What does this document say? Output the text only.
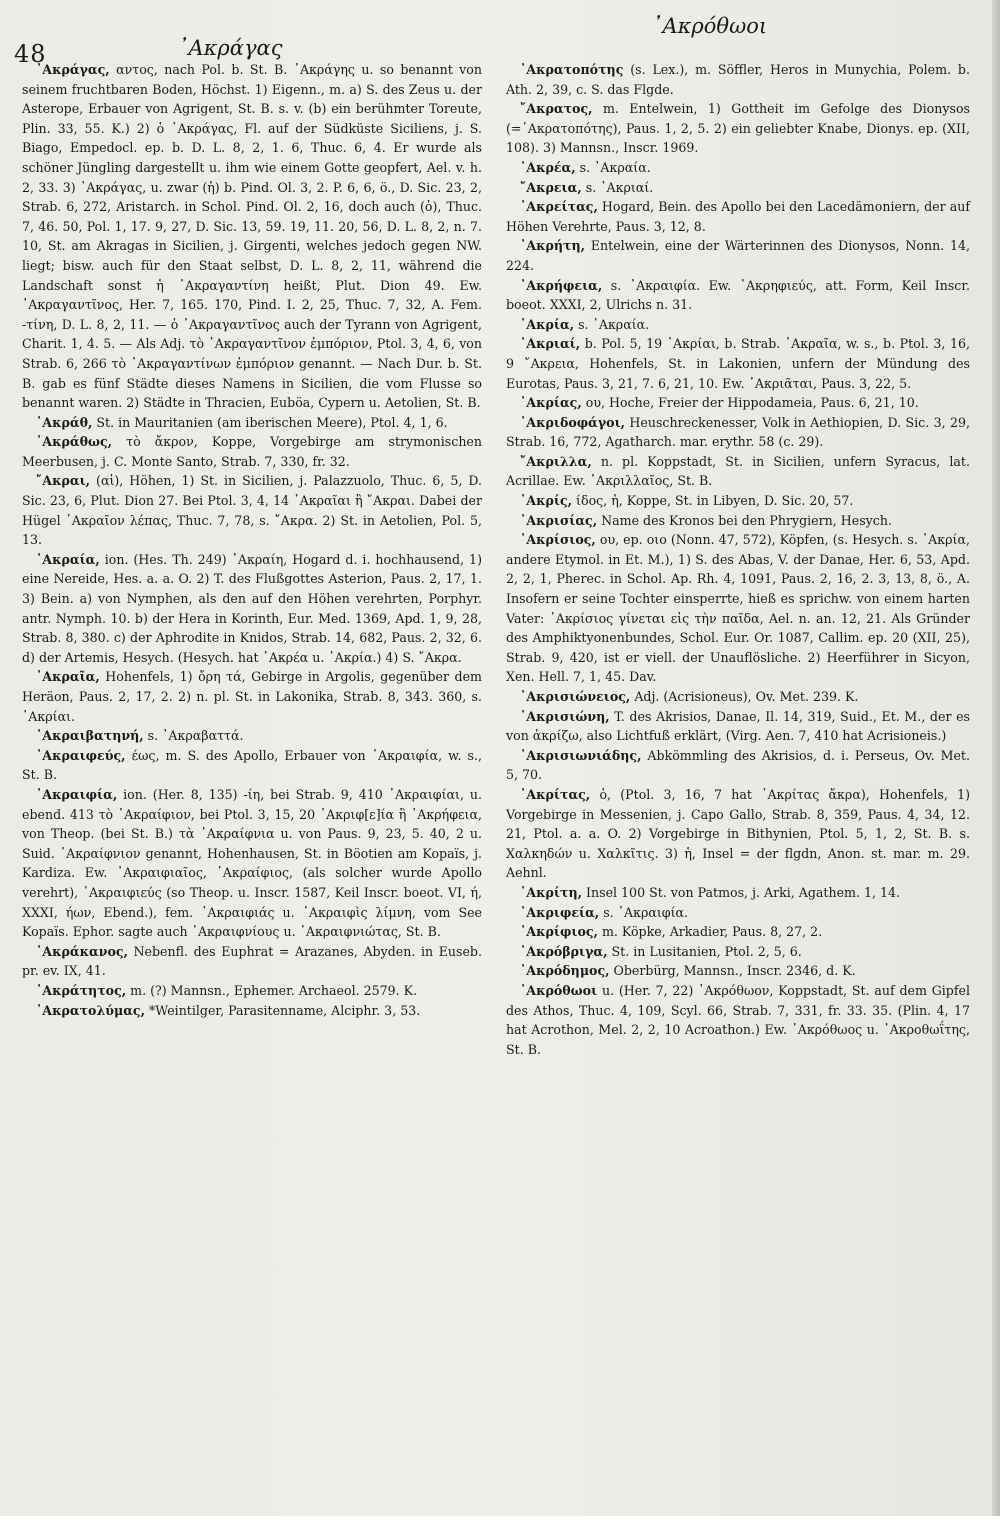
48	᾿Ακράγας
᾿Ακρόθωοι

᾿Ακράγας, αντος, nach Pol. b. St. B. ᾿Ακράγης u. so benannt von seinem fruchtbaren Boden, Höchst. 1) Eigenn., m. a) S. des Zeus u. der Asterope, Erbauer von Agrigent, St. B. s. v. (b) ein berühmter Toreute, Plin. 33, 55. K.) 2) ὁ ᾿Ακράγας, Fl. auf der Südküste Siciliens, j. S. Biago, Empedocl. ep. b. D. L. 8, 2, 1. 6, Thuc. 6, 4. Er wurde als schöner Jüngling dargestellt u. ihm wie einem Gotte geopfert, Ael. v. h. 2, 33. 3) ᾿Ακράγας, u. zwar (ἡ) b. Pind. Ol. 3, 2. P. 6, 6, ö., D. Sic. 23, 2, Strab. 6, 272, Aristarch. in Schol. Pind. Ol. 2, 16, doch auch (ὁ), Thuc. 7, 46. 50, Pol. 1, 17. 9, 27, D. Sic. 13, 59. 19, 11. 20, 56, D. L. 8, 2, n. 7. 10, St. am Akragas in Sicilien, j. Girgenti, welches jedoch gegen NW. liegt; bisw. auch für den Staat selbst, D. L. 8, 2, 11, während die Landschaft sonst ἡ ᾿Ακραγαντίνη heißt, Plut. Dion 49. Ew. ᾿Ακραγαντῖνος, Her. 7, 165. 170, Pind. I. 2, 25, Thuc. 7, 32, A. Fem. -τίνη, D. L. 8, 2, 11. — ὁ ᾿Ακραγαντῖνος auch der Tyrann von Agrigent, Charit. 1, 4. 5. — Als Adj. τὸ ᾿Ακραγαντῖνον ἐμπόριον, Ptol. 3, 4, 6, von Strab. 6, 266 τὸ ᾿Ακραγαντίνων ἐμπόριον genannt. — Nach Dur. b. St. B. gab es fünf Städte dieses Namens in Sicilien, die vom Flusse so benannt waren. 2) Städte in Thracien, Euböa, Cypern u. Aetolien, St. B.

᾿Ακράθ, St. in Mauritanien (am iberischen Meere), Ptol. 4, 1, 6.

᾿Ακράθως, τὸ ἄκρον, Koppe, Vorgebirge am strymonischen Meerbusen, j. C. Monte Santo, Strab. 7, 330, fr. 32.

῎Ακραι, (αἱ), Höhen, 1) St. in Sicilien, j. Palazzuolo, Thuc. 6, 5, D. Sic. 23, 6, Plut. Dion 27. Bei Ptol. 3, 4, 14 ᾿Ακραῖαι ἢ ῎Ακραι. Dabei der Hügel ᾿Ακραῖον λέπας, Thuc. 7, 78, s. ῎Ακρα. 2) St. in Aetolien, Pol. 5, 13.

᾿Ακραία, ion. (Hes. Th. 249) ᾿Ακραίη, Hogard d. i. hochhausend, 1) eine Nereide, Hes. a. a. O. 2) T. des Flußgottes Asterion, Paus. 2, 17, 1. 3) Bein. a) von Nymphen, als den auf den Höhen verehrten, Porphyr. antr. Nymph. 10. b) der Hera in Korinth, Eur. Med. 1369, Apd. 1, 9, 28, Strab. 8, 380. c) der Aphrodite in Knidos, Strab. 14, 682, Paus. 2, 32, 6. d) der Artemis, Hesych. (Hesych. hat ᾿Ακρέα u. ᾿Ακρία.) 4) S. ῎Ακρα.

᾿Ακραῖα, Hohenfels, 1) ὄρη τά, Gebirge in Argolis, gegenüber dem Heräon, Paus. 2, 17, 2. 2) n. pl. St. in Lakonika, Strab. 8, 343. 360, s. ᾿Ακρίαι.

᾿Ακραιβατηνή, s. ᾿Ακραβαττά.

᾿Ακραιφεύς, έως, m. S. des Apollo, Erbauer von ᾿Ακραιφία, w. s., St. B.

᾿Ακραιφία, ion. (Her. 8, 135) -ίη, bei Strab. 9, 410 ᾿Ακραιφίαι, u. ebend. 413 τὸ ᾿Ακραίφιον, bei Ptol. 3, 15, 20 ᾿Ακριφ[ε]ία ἢ ᾿Ακρήφεια, von Theop. (bei St. B.) τὰ ᾿Ακραίφνια u. von Paus. 9, 23, 5. 40, 2 u. Suid. ᾿Ακραίφνιον genannt, Hohenhausen, St. in Böotien am Kopaïs, j. Kardiza. Ew. ᾿Ακραιφιαῖος, ᾿Ακραίφιος, (als solcher wurde Apollo verehrt), ᾿Ακραιφιεύς (so Theop. u. Inscr. 1587, Keil Inscr. boeot. VI, ή, XXXI, ήων, Ebend.), fem. ᾿Ακραιφιάς u. ᾿Ακραιφὶς λίμνη, vom See Kopaïs. Ephor. sagte auch ᾿Ακραιφνίους u. ᾿Ακραιφνιώτας, St. B.

᾿Ακράκανος, Nebenfl. des Euphrat = Arazanes, Abyden. in Euseb. pr. ev. IX, 41.

᾿Ακράτητος, m. (?) Mannsn., Ephemer. Archaeol. 2579. K.

᾿Ακρατολύμας, *Weintilger, Parasitenname, Alciphr. 3, 53.

᾿Ακρατοπότης (s. Lex.), m. Söffler, Heros in Munychia, Polem. b. Ath. 2, 39, c. S. das Flgde.

῎Ακρατος, m. Entelwein, 1) Gottheit im Gefolge des Dionysos (=᾿Ακρατοπότης), Paus. 1, 2, 5. 2) ein geliebter Knabe, Dionys. ep. (XII, 108). 3) Mannsn., Inscr. 1969.

᾿Ακρέα, s. ᾿Ακραία.

῎Ακρεια, s. ᾿Ακριαί.

᾿Ακρείτας, Hogard, Bein. des Apollo bei den Lacedämoniern, der auf Höhen Verehrte, Paus. 3, 12, 8.

᾿Ακρήτη, Entelwein, eine der Wärterinnen des Dionysos, Nonn. 14, 224.

᾿Ακρήφεια, s. ᾿Ακραιφία. Ew. ᾿Ακρηφιεύς, att. Form, Keil Inscr. boeot. XXXI, 2, Ulrichs n. 31.

᾿Ακρία, s. ᾿Ακραία.

᾿Ακριαί, b. Pol. 5, 19 ᾿Ακρίαι, b. Strab. ᾿Ακραῖα, w. s., b. Ptol. 3, 16, 9 ῎Ακρεια, Hohenfels, St. in Lakonien, unfern der Mündung des Eurotas, Paus. 3, 21, 7. 6, 21, 10. Ew. ᾿Ακριᾶται, Paus. 3, 22, 5.

᾿Ακρίας, ου, Hoche, Freier der Hippodameia, Paus. 6, 21, 10.

᾿Ακριδοφάγοι, Heuschreckenesser, Volk in Aethiopien, D. Sic. 3, 29, Strab. 16, 772, Agatharch. mar. erythr. 58 (c. 29).

῎Ακριλλα, n. pl. Koppstadt, St. in Sicilien, unfern Syracus, lat. Acrillae. Ew. ᾿Ακριλλαῖος, St. B.

᾿Ακρίς, ίδος, ἡ, Koppe, St. in Libyen, D. Sic. 20, 57.

᾿Ακρισίας, Name des Kronos bei den Phrygiern, Hesych.

᾿Ακρίσιος, ου, ep. οιο (Nonn. 47, 572), Köpfen, (s. Hesych. s. ᾿Ακρία, andere Etymol. in Et. M.), 1) S. des Abas, V. der Danae, Her. 6, 53, Apd. 2, 2, 1, Pherec. in Schol. Ap. Rh. 4, 1091, Paus. 2, 16, 2. 3, 13, 8, ö., A. Insofern er seine Tochter einsperrte, hieß es sprichw. von einem harten Vater: ᾿Ακρίσιος γίνεται εἰς τὴν παῖδα, Ael. n. an. 12, 21. Als Gründer des Amphiktyonenbundes, Schol. Eur. Or. 1087, Callim. ep. 20 (XII, 25), Strab. 9, 420, ist er viell. der Unauflösliche. 2) Heerführer in Sicyon, Xen. Hell. 7, 1, 45. Dav.

᾿Ακρισιώνειος, Adj. (Acrisioneus), Ov. Met. 239. K.

᾿Ακρισιώνη, T. des Akrisios, Danae, Il. 14, 319, Suid., Et. M., der es von ἀκρίζω, also Lichtfuß erklärt, (Virg. Aen. 7, 410 hat Acrisioneis.)

᾿Ακρισιωνιάδης, Abkömmling des Akrisios, d. i. Perseus, Ov. Met. 5, 70.

᾿Ακρίτας, ὁ, (Ptol. 3, 16, 7 hat ᾿Ακρίτας ἄκρα), Hohenfels, 1) Vorgebirge in Messenien, j. Capo Gallo, Strab. 8, 359, Paus. 4, 34, 12. 21, Ptol. a. a. O. 2) Vorgebirge in Bithynien, Ptol. 5, 1, 2, St. B. s. Χαλκηδών u. Χαλκῖτις. 3) ἡ, Insel = der flgdn, Anon. st. mar. m. 29. Aehnl.

᾿Ακρίτη, Insel 100 St. von Patmos, j. Arki, Agathem. 1, 14.

᾿Ακριφεία, s. ᾿Ακραιφία.

᾿Ακρίφιος, m. Köpke, Arkadier, Paus. 8, 27, 2.

᾿Ακρόβριγα, St. in Lusitanien, Ptol. 2, 5, 6.

᾿Ακρόδημος, Oberbürg, Mannsn., Inscr. 2346, d. K.

᾿Ακρόθωοι u. (Her. 7, 22) ᾿Ακρόθωον, Koppstadt, St. auf dem Gipfel des Athos, Thuc. 4, 109, Scyl. 66, Strab. 7, 331, fr. 33. 35. (Plin. 4, 17 hat Acrothon, Mel. 2, 2, 10 Acroathon.) Ew. ᾿Ακρόθωος u. ᾿Ακροθωΐτης, St. B.
